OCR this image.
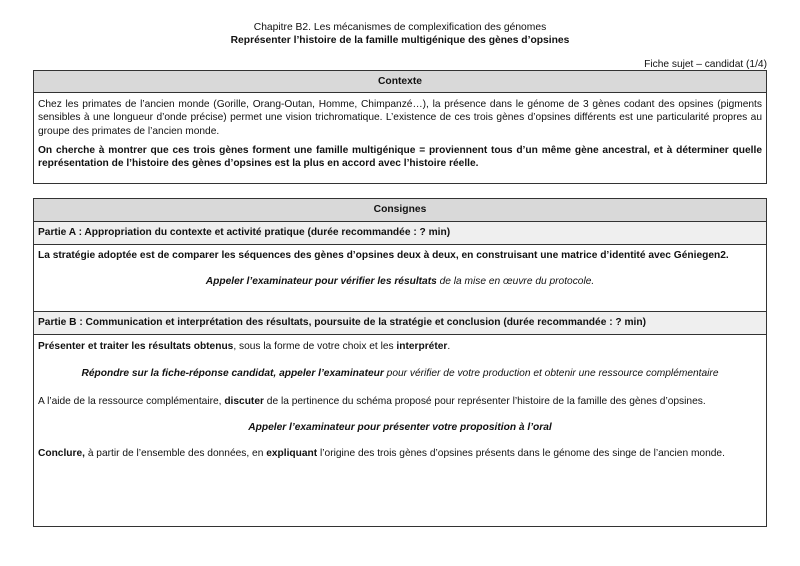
Chapitre B2. Les mécanismes de complexification des génomes
Représenter l’histoire de la famille multigénique des gènes d’opsines
Fiche sujet – candidat (1/4)
Contexte

Chez les primates de l’ancien monde (Gorille, Orang-Outan, Homme, Chimpanzé…), la présence dans le génome de 3 gènes codant des opsines (pigments sensibles à une longueur d’onde précise) permet une vision trichromatique. L’existence de ces trois gènes d’opsines différents est une particularité propres au groupe des primates de l’ancien monde.

On cherche à montrer que ces trois gènes forment une famille multigénique = proviennent tous d’un même gène ancestral, et à déterminer quelle représentation de l’histoire des gènes d’opsines est la plus en accord avec l’histoire réelle.

Consignes
Partie A : Appropriation du contexte et activité pratique (durée recommandée : ? min)

La stratégie adoptée est de comparer les séquences des gènes d’opsines deux à deux, en construisant une matrice d’identité avec Géniegen2.

Appeler l’examinateur pour vérifier les résultats de la mise en œuvre du protocole.

Partie B : Communication et interprétation des résultats, poursuite de la stratégie et conclusion (durée recommandée : ? min)

Présenter et traiter les résultats obtenus, sous la forme de votre choix et les interpréter.

Répondre sur la fiche-réponse candidat, appeler l’examinateur pour vérifier de votre production et obtenir une ressource complémentaire

A l’aide de la ressource complémentaire, discuter de la pertinence du schéma proposé pour représenter l’histoire de la famille des gènes d’opsines.

Appeler l’examinateur pour présenter votre proposition à l’oral

Conclure, à partir de l’ensemble des données, en expliquant l’origine des trois gènes d’opsines présents dans le génome des singe de l’ancien monde.
